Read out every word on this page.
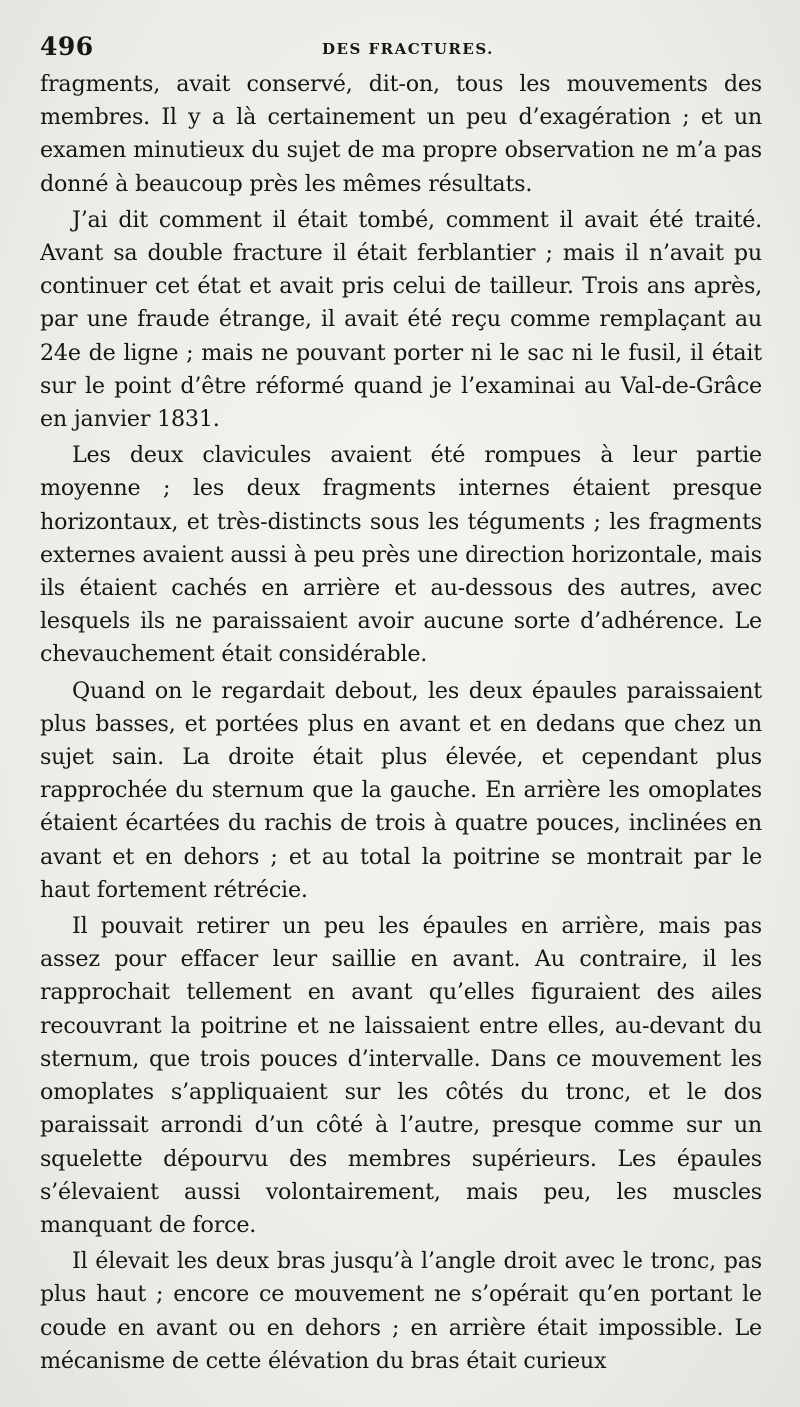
496	DES FRACTURES.

fragments, avait conservé, dit-on, tous les mouvements des membres. Il y a là certainement un peu d’exagération ; et un examen minutieux du sujet de ma propre observation ne m’a pas donné à beaucoup près les mêmes résultats.

J’ai dit comment il était tombé, comment il avait été traité. Avant sa double fracture il était ferblantier ; mais il n’avait pu continuer cet état et avait pris celui de tailleur. Trois ans après, par une fraude étrange, il avait été reçu comme remplaçant au 24e de ligne ; mais ne pouvant porter ni le sac ni le fusil, il était sur le point d’être réformé quand je l’examinai au Val-de-Grâce en janvier 1831.

Les deux clavicules avaient été rompues à leur partie moyenne ; les deux fragments internes étaient presque horizontaux, et très-distincts sous les téguments ; les fragments externes avaient aussi à peu près une direction horizontale, mais ils étaient cachés en arrière et au-dessous des autres, avec lesquels ils ne paraissaient avoir aucune sorte d’adhérence. Le chevauchement était considérable.

Quand on le regardait debout, les deux épaules paraissaient plus basses, et portées plus en avant et en dedans que chez un sujet sain. La droite était plus élevée, et cependant plus rapprochée du sternum que la gauche. En arrière les omoplates étaient écartées du rachis de trois à quatre pouces, inclinées en avant et en dehors ; et au total la poitrine se montrait par le haut fortement rétrécie.

Il pouvait retirer un peu les épaules en arrière, mais pas assez pour effacer leur saillie en avant. Au contraire, il les rapprochait tellement en avant qu’elles figuraient des ailes recouvrant la poitrine et ne laissaient entre elles, au-devant du sternum, que trois pouces d’intervalle. Dans ce mouvement les omoplates s’appliquaient sur les côtés du tronc, et le dos paraissait arrondi d’un côté à l’autre, presque comme sur un squelette dépourvu des membres supérieurs. Les épaules s’élevaient aussi volontairement, mais peu, les muscles manquant de force.

Il élevait les deux bras jusqu’à l’angle droit avec le tronc, pas plus haut ; encore ce mouvement ne s’opérait qu’en portant le coude en avant ou en dehors ; en arrière était impossible. Le mécanisme de cette élévation du bras était curieux
